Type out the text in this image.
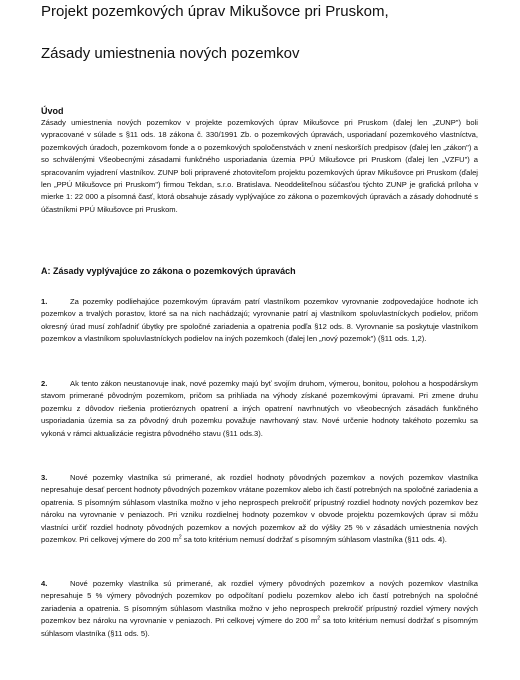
Projekt pozemkových úprav Mikušovce pri Pruskom,
Zásady umiestnenia nových pozemkov
Úvod

Zásady umiestnenia nových pozemkov v projekte pozemkových úprav Mikušovce pri Pruskom (ďalej len „ZUNP") boli vypracované v súlade s §11 ods. 18 zákona č. 330/1991 Zb. o pozemkových úpravách, usporiadaní pozemkového vlastníctva, pozemkových úradoch, pozemkovom fonde a o pozemkových spoločenstvách v znení neskorších predpisov (ďalej len „zákon") a so schválenými Všeobecnými zásadami funkčného usporiadania územia PPÚ Mikušovce pri Pruskom (ďalej len „VZFU") a spracovaním vyjadrení vlastníkov. ZUNP boli pripravené zhotoviteľom projektu pozemkových úprav Mikušovce pri Pruskom (ďalej len „PPÚ Mikušovce pri Pruskom") firmou Tekdan, s.r.o. Bratislava. Neoddeliteľnou súčasťou týchto ZUNP je grafická príloha v mierke 1: 22 000 a písomná časť, ktorá obsahuje zásady vyplývajúce zo zákona o pozemkových úpravách a zásady dohodnuté s účastníkmi PPÚ Mikušovce pri Pruskom.

A: Zásady vyplývajúce zo zákona o pozemkových úpravách

1.	Za pozemky podliehajúce pozemkovým úpravám patrí vlastníkom pozemkov vyrovnanie zodpovedajúce hodnote ich pozemkov a trvalých porastov, ktoré sa na nich nachádzajú; vyrovnanie patrí aj vlastníkom spoluvlastníckych podielov, pričom okresný úrad musí zohľadniť úbytky pre spoločné zariadenia a opatrenia podľa §12 ods. 8. Vyrovnanie sa poskytuje vlastníkom pozemkov a vlastníkom spoluvlastníckych podielov na iných pozemkoch (ďalej len „nový pozemok") (§11 ods. 1,2).

2.	Ak tento zákon neustanovuje inak, nové pozemky majú byť svojím druhom, výmerou, bonitou, polohou a hospodárskym stavom primerané pôvodným pozemkom, pričom sa prihliada na výhody získané pozemkovými úpravami. Pri zmene druhu pozemku z dôvodov riešenia protieróznych opatrení a iných opatrení navrhnutých vo všeobecných zásadách funkčného usporiadania územia sa za pôvodný druh pozemku považuje navrhovaný stav. Nové určenie hodnoty takéhoto pozemku sa vykoná v rámci aktualizácie registra pôvodného stavu (§11 ods.3).

3.	Nové pozemky vlastníka sú primerané, ak rozdiel hodnoty pôvodných pozemkov a nových pozemkov vlastníka nepresahuje desať percent hodnoty pôvodných pozemkov vrátane pozemkov alebo ich častí potrebných na spoločné zariadenia a opatrenia. S písomným súhlasom vlastníka možno v jeho neprospech prekročiť prípustný rozdiel hodnoty nových pozemkov bez nároku na vyrovnanie v peniazoch. Pri vzniku rozdielnej hodnoty pozemkov v obvode projektu pozemkových úprav si môžu vlastníci určiť rozdiel hodnoty pôvodných pozemkov a nových pozemkov až do výšky 25 % v zásadách umiestnenia nových pozemkov. Pri celkovej výmere do 200 $m^2$ sa toto kritérium nemusí dodržať s písomným súhlasom vlastníka (§11 ods. 4).

4.	Nové pozemky vlastníka sú primerané, ak rozdiel výmery pôvodných pozemkov a nových pozemkov vlastníka nepresahuje 5 % výmery pôvodných pozemkov po odpočítaní podielu pozemkov alebo ich častí potrebných na spoločné zariadenia a opatrenia. S písomným súhlasom vlastníka možno v jeho neprospech prekročiť prípustný rozdiel výmery nových pozemkov bez nároku na vyrovnanie v peniazoch. Pri celkovej výmere do 200 $m^2$ sa toto kritérium nemusí dodržať s písomným súhlasom vlastníka (§11 ods. 5).
